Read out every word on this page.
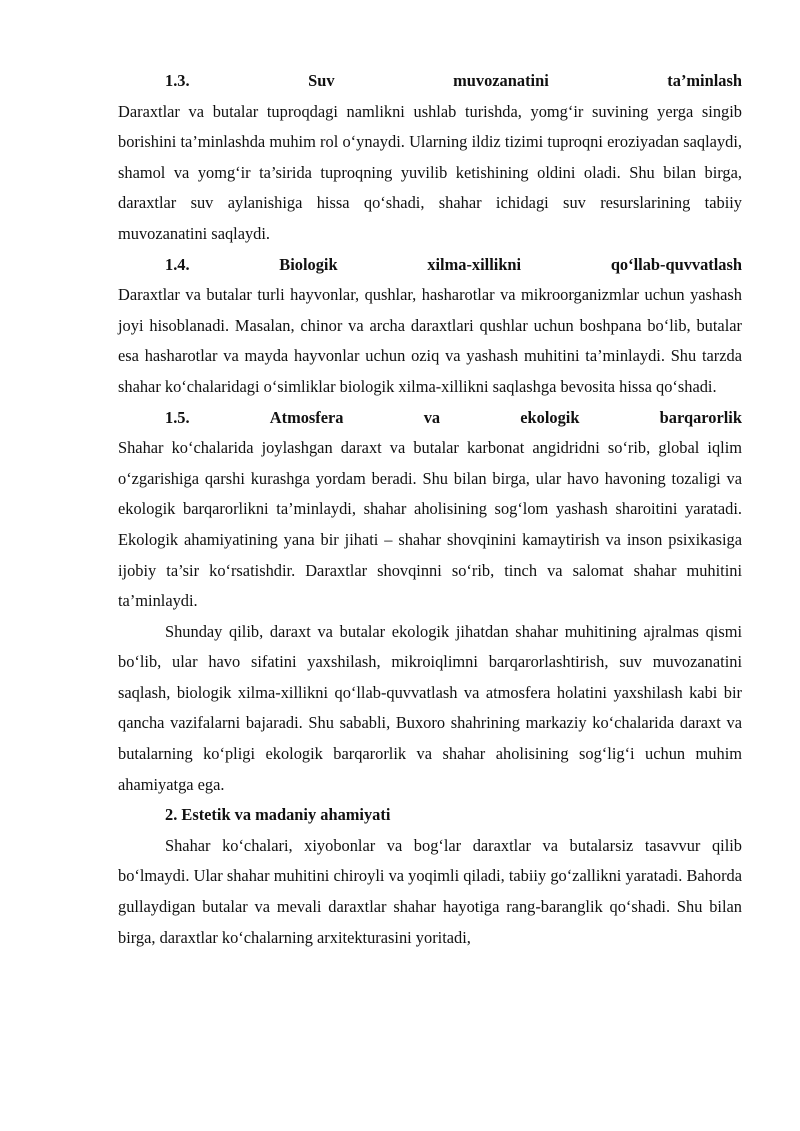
1.3.	Suv	muvozanatini	ta’minlash

Daraxtlar va butalar tuproqdagi namlikni ushlab turishda, yomg‘ir suvining yerga singib borishini ta’minlashda muhim rol o‘ynaydi. Ularning ildiz tizimi tuproqni eroziyadan saqlaydi, shamol va yomg‘ir ta’sirida tuproqning yuvilib ketishining oldini oladi. Shu bilan birga, daraxtlar suv aylanishiga hissa qo‘shadi, shahar ichidagi suv resurslarining tabiiy muvozanatini saqlaydi.

1.4.	Biologik	xilma-xillikni	qo‘llab-quvvatlash

Daraxtlar va butalar turli hayvonlar, qushlar, hasharotlar va mikroorganizmlar uchun yashash joyi hisoblanadi. Masalan, chinor va archa daraxtlari qushlar uchun boshpana bo‘lib, butalar esa hasharotlar va mayda hayvonlar uchun oziq va yashash muhitini ta’minlaydi. Shu tarzda shahar ko‘chalaridagi o‘simliklar biologik xilma-xillikni saqlashga bevosita hissa qo‘shadi.

1.5.	Atmosfera	va	ekologik	barqarorlik

Shahar ko‘chalarida joylashgan daraxt va butalar karbonat angidridni so‘rib, global iqlim o‘zgarishiga qarshi kurashga yordam beradi. Shu bilan birga, ular havo havoning tozaligi va ekologik barqarorlikni ta’minlaydi, shahar aholisining sog‘lom yashash sharoitini yaratadi. Ekologik ahamiyatining yana bir jihati – shahar shovqinini kamaytirish va inson psixikasiga ijobiy ta’sir ko‘rsatishdir. Daraxtlar shovqinni so‘rib, tinch va salomat shahar muhitini ta’minlaydi.

Shunday qilib, daraxt va butalar ekologik jihatdan shahar muhitining ajralmas qismi bo‘lib, ular havo sifatini yaxshilash, mikroiqlimni barqarorlashtirish, suv muvozanatini saqlash, biologik xilma-xillikni qo‘llab-quvvatlash va atmosfera holatini yaxshilash kabi bir qancha vazifalarni bajaradi. Shu sababli, Buxoro shahrining markaziy ko‘chalarida daraxt va butalarning ko‘pligi ekologik barqarorlik va shahar aholisining sog‘lig‘i uchun muhim ahamiyatga ega.

2. Estetik va madaniy ahamiyati

Shahar ko‘chalari, xiyobonlar va bog‘lar daraxtlar va butalarsiz tasavvur qilib bo‘lmaydi. Ular shahar muhitini chiroyli va yoqimli qiladi, tabiiy go‘zallikni yaratadi. Bahorda gullaydigan butalar va mevali daraxtlar shahar hayotiga rang-baranglik qo‘shadi. Shu bilan birga, daraxtlar ko‘chalarning arxitekturasini yoritadi,
